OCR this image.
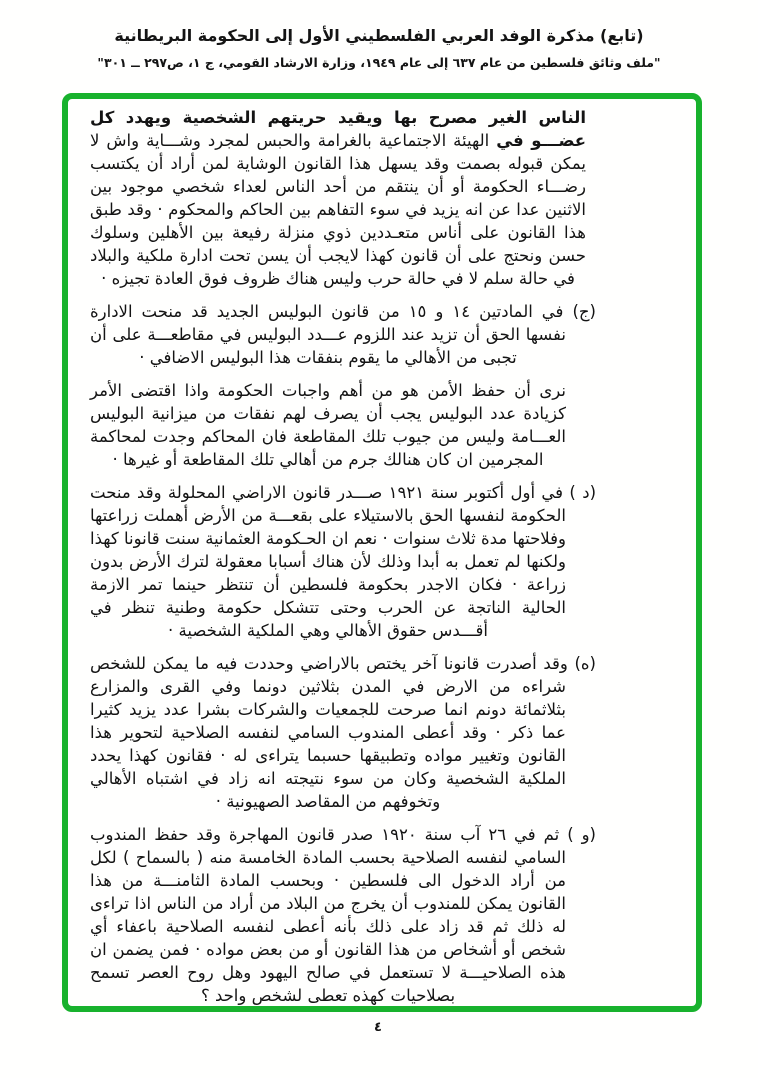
(تابع) مذكرة الوفد العربي الفلسطيني الأول إلى الحكومة البريطانية
"ملف وثائق فلسطين من عام ٦٣٧ إلى عام ١٩٤٩، وزارة الارشاد القومي، ج ١، ص٢٩٧ ــ ٣٠١"

الناس الغير مصرح بها ويقيد حريتهم الشخصية ويهدد كل عضـــو في الهيئة الاجتماعية بالغرامة والحبس لمجرد وشـــاية واش لا يمكن قبوله بصمت وقد يسهل هذا القانون الوشاية لمن أراد أن يكتسب رضـــاء الحكومة أو أن ينتقم من أحد الناس لعداء شخصي موجود بين الاثنين عدا عن انه يزيد في سوء التفاهم بين الحاكم والمحكوم · وقد طبق هذا القانون على أناس متعـددين ذوي منزلة رفيعة بين الأهلين وسلوك حسن ونحتج على أن قانون كهذا لايجب أن يسن تحت ادارة ملكية والبلاد في حالة سلم لا في حالة حرب وليس هناك ظروف فوق العادة تجيزه ·

(ج) في المادتين ١٤ و ١٥ من قانون البوليس الجديد قد منحت الادارة نفسها الحق أن تزيد عند اللزوم عـــدد البوليس في مقاطعـــة على أن تجبى من الأهالي ما يقوم بنفقات هذا البوليس الاضافي ·

نرى أن حفظ الأمن هو من أهم واجبات الحكومة واذا اقتضى الأمر كزيادة عدد البوليس يجب أن يصرف لهم نفقات من ميزانية البوليس العـــامة وليس من جيوب تلك المقاطعة فان المحاكم وجدت لمحاكمة المجرمين ان كان هنالك جرم من أهالي تلك المقاطعة أو غيرها ·

(د ) في أول أكتوبر سنة ١٩٢١ صـــدر قانون الاراضي المحلولة وقد منحت الحكومة لنفسها الحق بالاستيلاء على بقعـــة من الأرض أهملت زراعتها وفلاحتها مدة ثلاث سنوات · نعم ان الحـكومة العثمانية سنت قانونا كهذا ولكنها لم تعمل به أبدا وذلك لأن هناك أسبابا معقولة لترك الأرض بدون زراعة · فكان الاجدر بحكومة فلسطين أن تنتظر حينما تمر الازمة الحالية الناتجة عن الحرب وحتى تتشكل حكومة وطنية تنظر في أقـــدس حقوق الأهالي وهي الملكية الشخصية ·

(ه) وقد أصدرت قانونا آخر يختص بالاراضي وحددت فيه ما يمكن للشخص شراءه من الارض في المدن بثلاثين دونما وفي القرى والمزارع بثلاثمائة دونم انما صرحت للجمعيات والشركات بشرا عدد يزيد كثيرا عما ذكر · وقد أعطى المندوب السامي لنفسه الصلاحية لتحوير هذا القانون وتغيير مواده وتطبيقها حسبما يتراءى له · فقانون كهذا يحدد الملكية الشخصية وكان من سوء نتيجته انه زاد في اشتباه الأهالي وتخوفهم من المقاصد الصهيونية ·

(و ) ثم في ٢٦ آب سنة ١٩٢٠ صدر قانون المهاجرة وقد حفظ المندوب السامي لنفسه الصلاحية بحسب المادة الخامسة منه ( بالسماح ) لكل من أراد الدخول الى فلسطين · وبحسب المادة الثامنـــة من هذا القانون يمكن للمندوب أن يخرج من البلاد من أراد من الناس اذا تراءى له ذلك ثم قد زاد على ذلك بأنه أعطى لنفسه الصلاحية باعفاء أي شخص أو أشخاص من هذا القانون أو من بعض مواده · فمن يضمن ان هذه الصلاحيـــة لا تستعمل في صالح اليهود وهل روح العصر تسمح بصلاحيات كهذه تعطى لشخص واحد ؟

٤
